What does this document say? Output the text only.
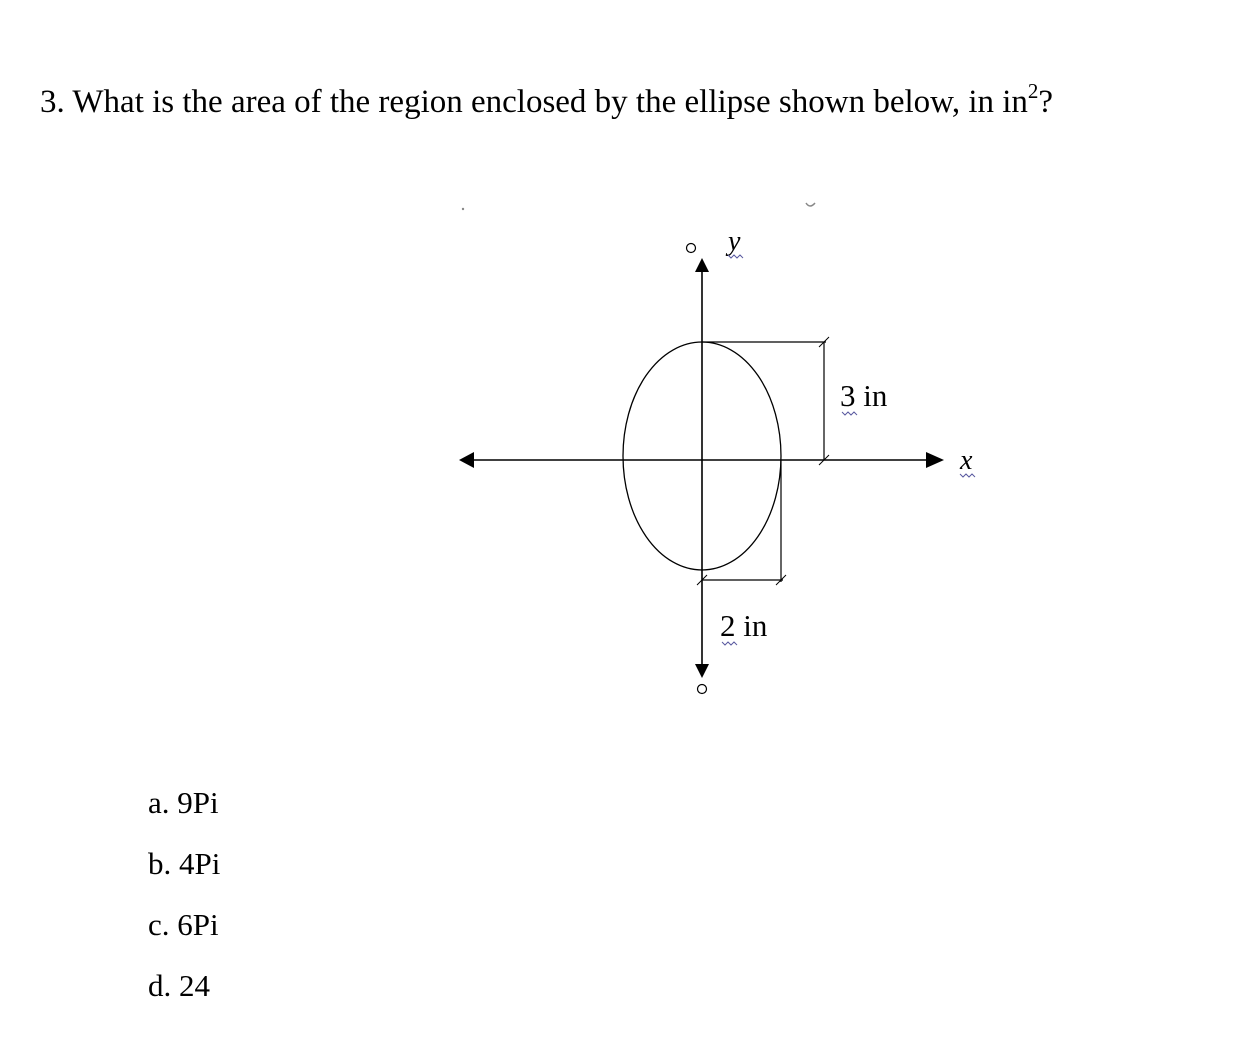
3. What is the area of the region enclosed by the ellipse shown below, in $in^2$?
3 in
2 in
y
x
a. 9Pi
b. 4Pi
c. 6Pi
d. 24
